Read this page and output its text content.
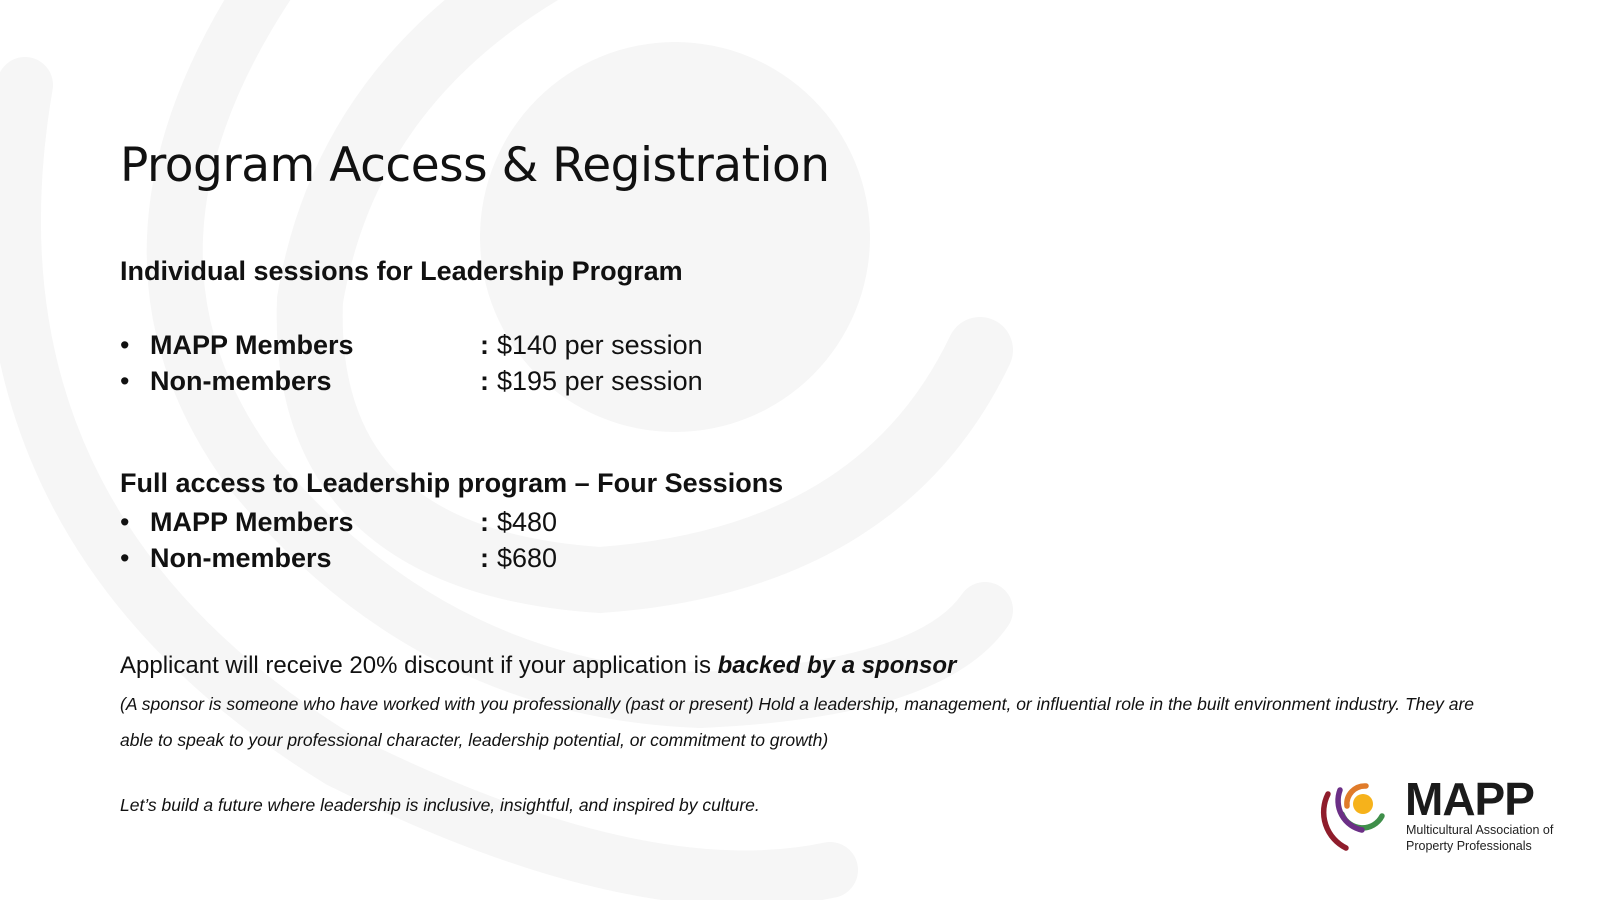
Program Access & Registration
Individual sessions for Leadership Program
• MAPP Members	: $140 per session
• Non-members	: $195 per session
Full access to Leadership program – Four Sessions
• MAPP Members	: $480
• Non-members	: $680

Applicant will receive 20% discount if your application is backed by a sponsor

(A sponsor is someone who have worked with you professionally (past or present) Hold a leadership, management, or influential role in the built environment industry. They are able to speak to your professional character, leadership potential, or commitment to growth)

Let’s build a future where leadership is inclusive, insightful, and inspired by culture.	MAPP
Multicultural Association of
Property Professionals
